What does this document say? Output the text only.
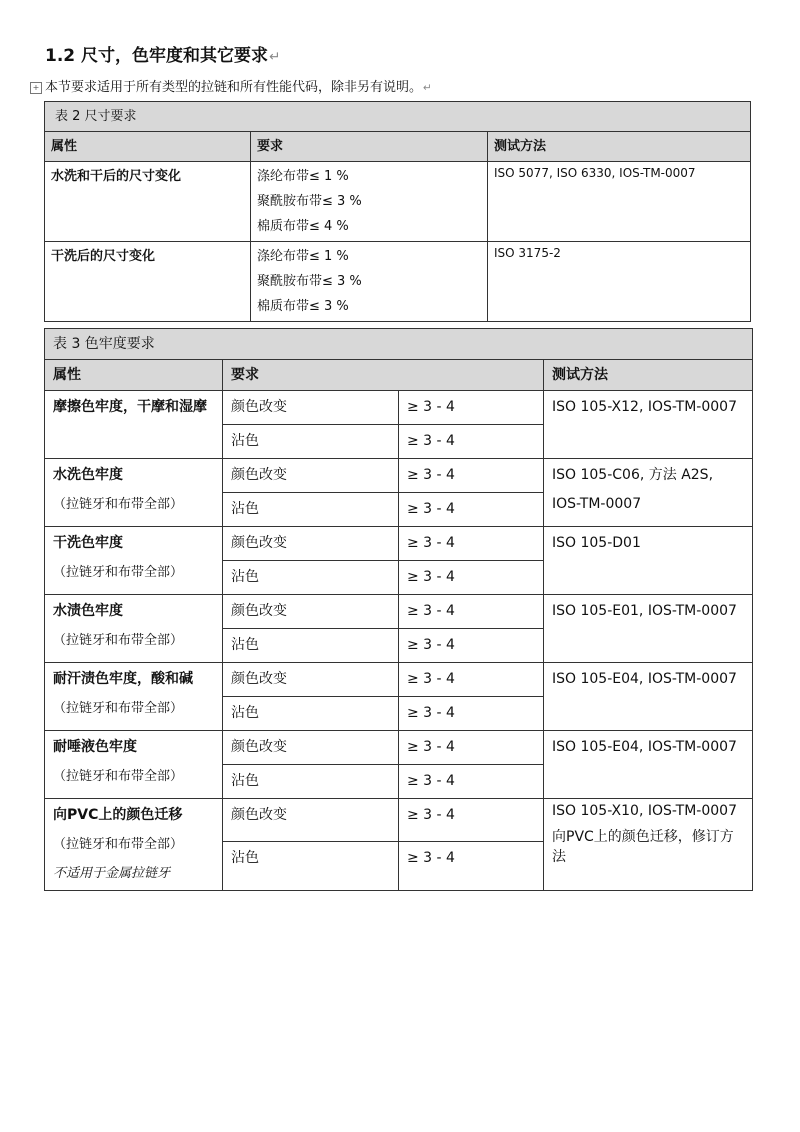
+
1.2 尺寸，色牢度和其它要求↵
本节要求适用于所有类型的拉链和所有性能代码，除非另有说明。↵
表 2 尺寸要求		
属性	要求	测试方法
水洗和干后的尺寸变化	涤纶布带≤ 1 %
聚酰胺布带≤ 3 %
棉质布带≤ 4 %	ISO 5077, ISO 6330, IOS-TM-0007
干洗后的尺寸变化	涤纶布带≤ 1 %
聚酰胺布带≤ 3 %
棉质布带≤ 3 %	ISO 3175-2
表 3 色牢度要求			
属性	要求		测试方法

摩擦色牢度，干摩和湿摩	颜色改变	≥ 3 - 4	ISO 105-X12, IOS-TM-0007

	沾色	≥ 3 - 4	

水洗色牢度
（拉链牙和布带全部）	颜色改变	≥ 3 - 4	ISO 105-C06, 方法 A2S,
IOS-TM-0007

	沾色	≥ 3 - 4	

干洗色牢度
（拉链牙和布带全部）	颜色改变	≥ 3 - 4	ISO 105-D01

	沾色	≥ 3 - 4	

水渍色牢度
（拉链牙和布带全部）	颜色改变	≥ 3 - 4	ISO 105-E01, IOS-TM-0007

	沾色	≥ 3 - 4	

耐汗渍色牢度，酸和碱
（拉链牙和布带全部）	颜色改变	≥ 3 - 4	ISO 105-E04, IOS-TM-0007

	沾色	≥ 3 - 4	

耐唾液色牢度
（拉链牙和布带全部）	颜色改变	≥ 3 - 4	ISO 105-E04, IOS-TM-0007

	沾色	≥ 3 - 4	

向PVC上的颜色迁移
（拉链牙和布带全部）
不适用于金属拉链牙	颜色改变	≥ 3 - 4	ISO 105-X10, IOS-TM-0007
向PVC上的颜色迁移，修订方法

	沾色	≥ 3 - 4	
